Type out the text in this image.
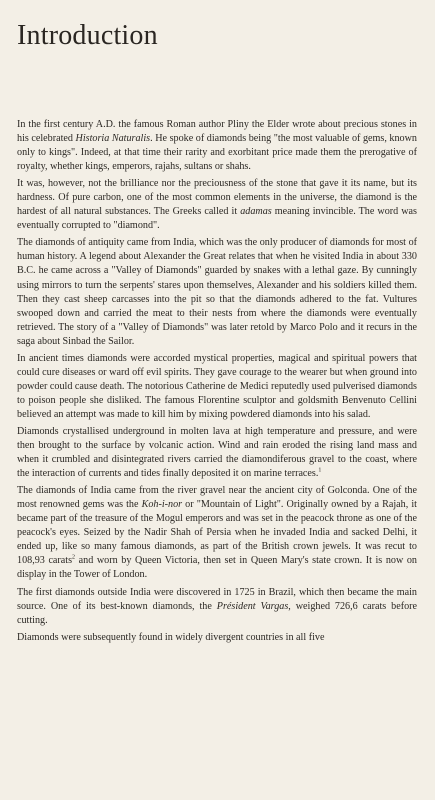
Introduction

In the first century A.D. the famous Roman author Pliny the Elder wrote about precious stones in his celebrated Historia Naturalis. He spoke of diamonds being "the most valuable of gems, known only to kings". Indeed, at that time their rarity and exorbitant price made them the prerogative of royalty, whether kings, emperors, rajahs, sultans or shahs.

It was, however, not the brilliance nor the preciousness of the stone that gave it its name, but its hardness. Of pure carbon, one of the most common elements in the universe, the diamond is the hardest of all natural substances. The Greeks called it adamas meaning invincible. The word was eventually corrupted to "diamond".

The diamonds of antiquity came from India, which was the only producer of diamonds for most of human history. A legend about Alexander the Great relates that when he visited India in about 330 B.C. he came across a "Valley of Diamonds" guarded by snakes with a lethal gaze. By cunningly using mirrors to turn the serpents' stares upon themselves, Alexander and his soldiers killed them. Then they cast sheep carcasses into the pit so that the diamonds adhered to the fat. Vultures swooped down and carried the meat to their nests from where the diamonds were eventually retrieved. The story of a "Valley of Diamonds" was later retold by Marco Polo and it recurs in the saga about Sinbad the Sailor.

In ancient times diamonds were accorded mystical properties, magical and spiritual powers that could cure diseases or ward off evil spirits. They gave courage to the wearer but when ground into powder could cause death. The notorious Catherine de Medici reputedly used pulverised diamonds to poison people she disliked. The famous Florentine sculptor and goldsmith Benvenuto Cellini believed an attempt was made to kill him by mixing powdered diamonds into his salad.

Diamonds crystallised underground in molten lava at high temperature and pressure, and were then brought to the surface by volcanic action. Wind and rain eroded the rising land mass and when it crumbled and disintegrated rivers carried the diamondiferous gravel to the coast, where the interaction of currents and tides finally deposited it on marine terraces.$^1$

The diamonds of India came from the river gravel near the ancient city of Golconda. One of the most renowned gems was the Koh-i-nor or "Mountain of Light". Originally owned by a Rajah, it became part of the treasure of the Mogul emperors and was set in the peacock throne as one of the peacock's eyes. Seized by the Nadir Shah of Persia when he invaded India and sacked Delhi, it ended up, like so many famous diamonds, as part of the British crown jewels. It was recut to 108,93 carats$^2$ and worn by Queen Victoria, then set in Queen Mary's state crown. It is now on display in the Tower of London.

The first diamonds outside India were discovered in 1725 in Brazil, which then became the main source. One of its best-known diamonds, the Président Vargas, weighed 726,6 carats before cutting.

Diamonds were subsequently found in widely divergent countries in all five
